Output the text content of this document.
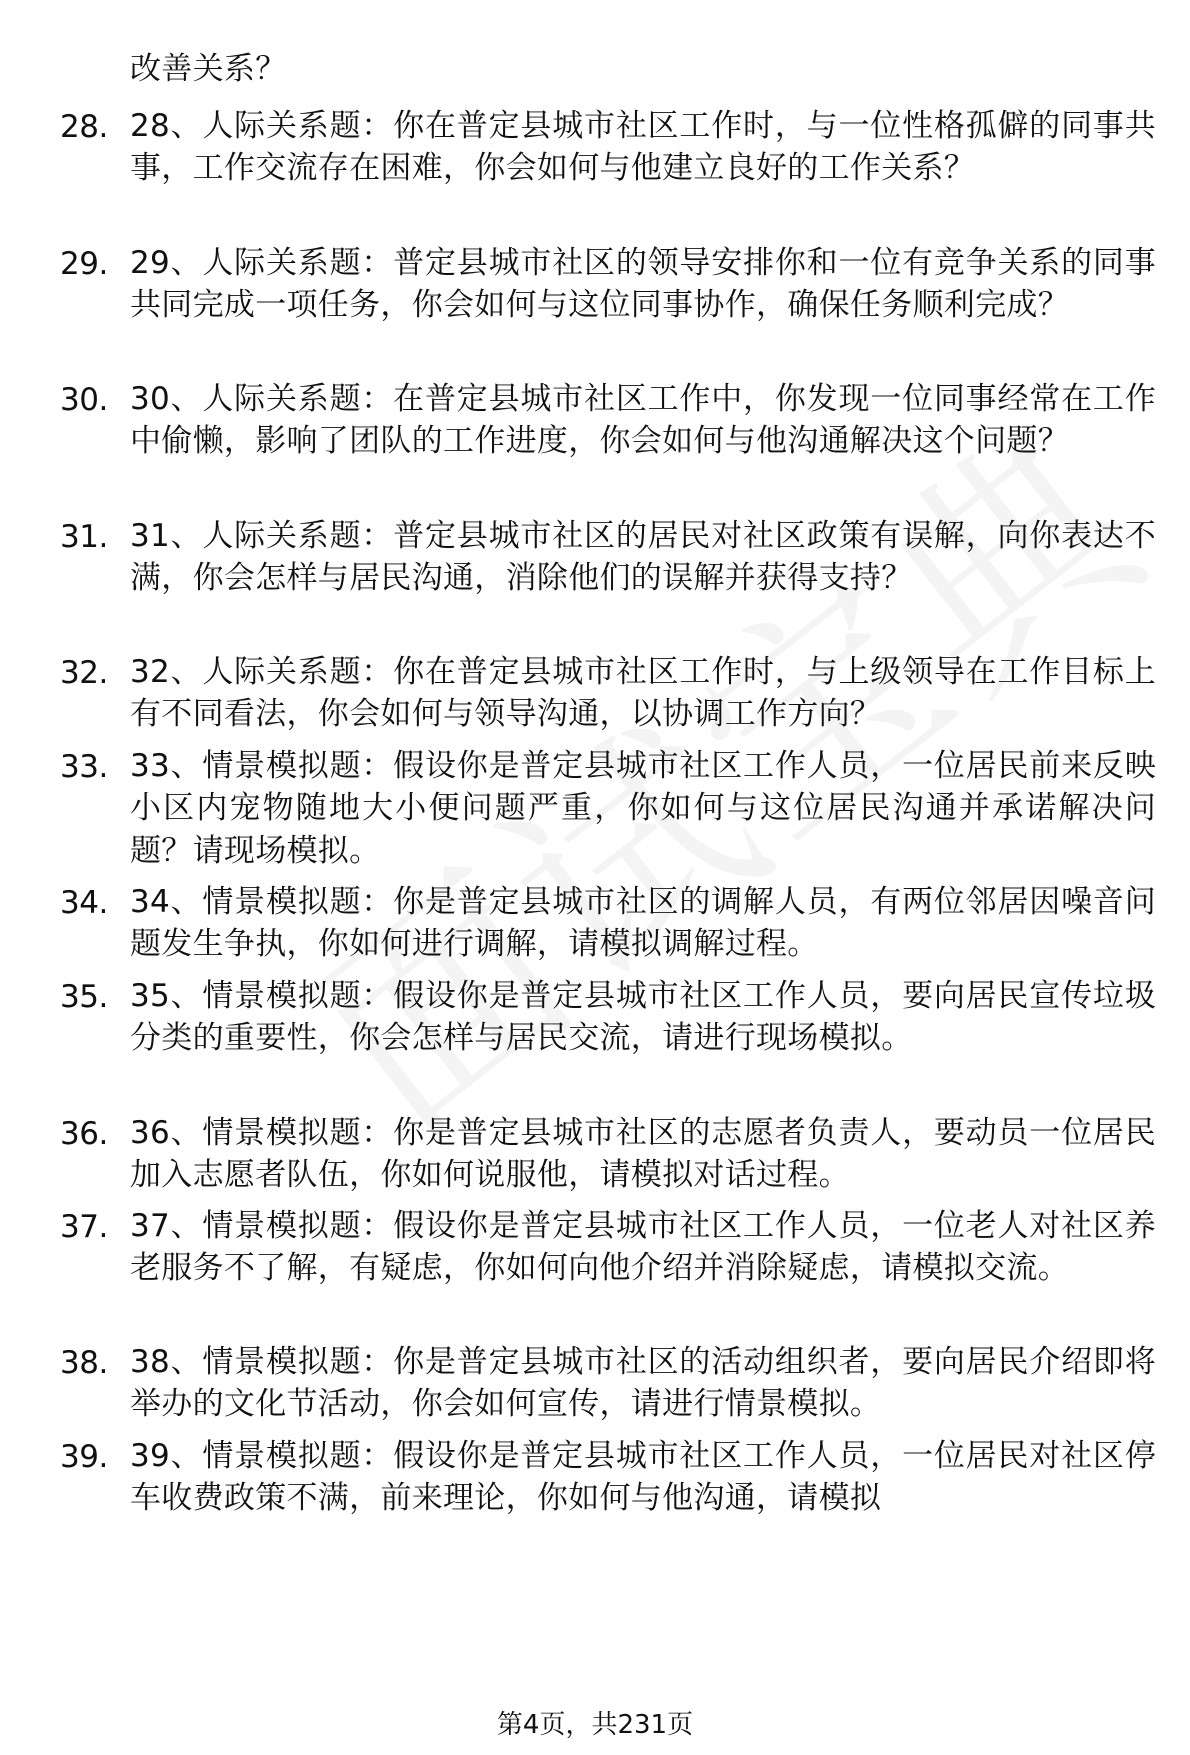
改善关系？
28. 28、人际关系题：你在普定县城市社区工作时，与一位性格孤僻的同事共事，工作交流存在困难，你会如何与他建立良好的工作关系？
29. 29、人际关系题：普定县城市社区的领导安排你和一位有竞争关系的同事共同完成一项任务，你会如何与这位同事协作，确保任务顺利完成？
30. 30、人际关系题：在普定县城市社区工作中，你发现一位同事经常在工作中偷懒，影响了团队的工作进度，你会如何与他沟通解决这个问题？
31. 31、人际关系题：普定县城市社区的居民对社区政策有误解，向你表达不满，你会怎样与居民沟通，消除他们的误解并获得支持？
32. 32、人际关系题：你在普定县城市社区工作时，与上级领导在工作目标上有不同看法，你会如何与领导沟通，以协调工作方向？
33. 33、情景模拟题：假设你是普定县城市社区工作人员，一位居民前来反映小区内宠物随地大小便问题严重，你如何与这位居民沟通并承诺解决问题？请现场模拟。
34. 34、情景模拟题：你是普定县城市社区的调解人员，有两位邻居因噪音问题发生争执，你如何进行调解，请模拟调解过程。
35. 35、情景模拟题：假设你是普定县城市社区工作人员，要向居民宣传垃圾分类的重要性，你会怎样与居民交流，请进行现场模拟。
36. 36、情景模拟题：你是普定县城市社区的志愿者负责人，要动员一位居民加入志愿者队伍，你如何说服他，请模拟对话过程。
37. 37、情景模拟题：假设你是普定县城市社区工作人员，一位老人对社区养老服务不了解，有疑虑，你如何向他介绍并消除疑虑，请模拟交流。
38. 38、情景模拟题：你是普定县城市社区的活动组织者，要向居民介绍即将举办的文化节活动，你会如何宣传，请进行情景模拟。
39. 39、情景模拟题：假设你是普定县城市社区工作人员，一位居民对社区停车收费政策不满，前来理论，你如何与他沟通，请模拟
第4页，共231页
